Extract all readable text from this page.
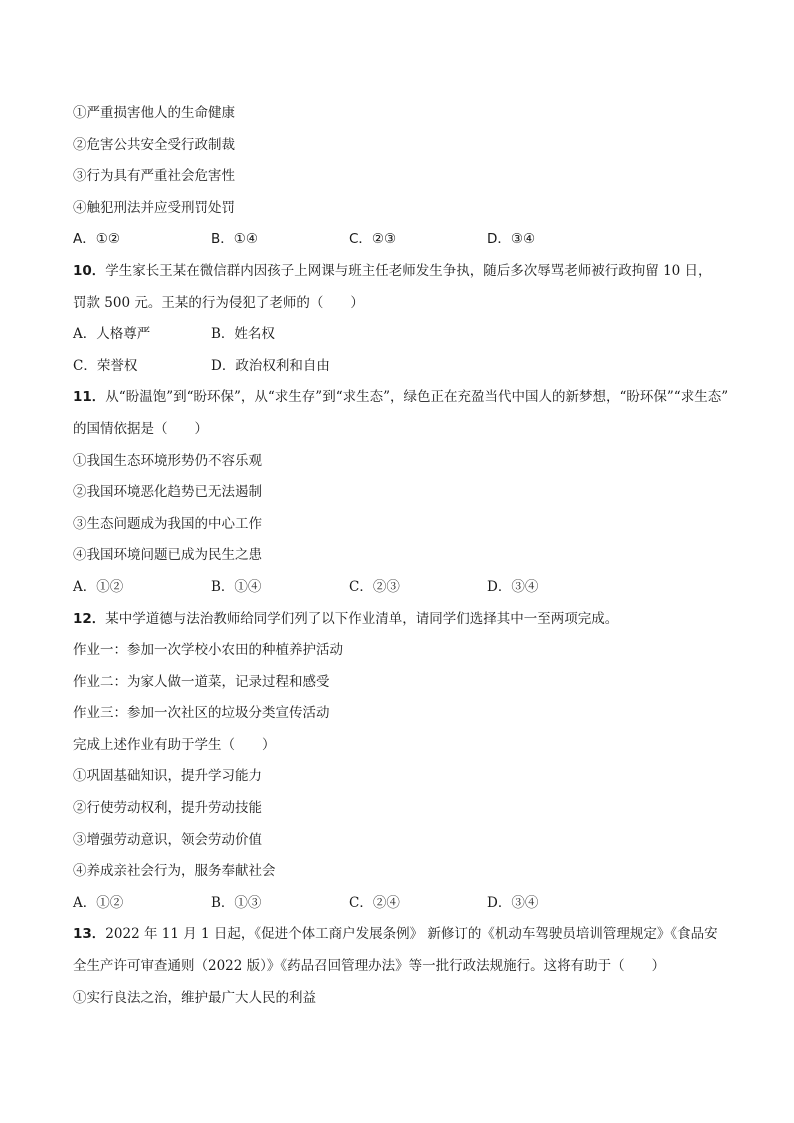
①严重损害他人的生命健康
②危害公共安全受行政制裁
③行为具有严重社会危害性
④触犯刑法并应受刑罚处罚
A．①②	B．①④	C．②③	D．③④
10．学生家长王某在微信群内因孩子上网课与班主任老师发生争执，随后多次辱骂老师被行政拘留 10 日，
罚款 500 元。王某的行为侵犯了老师的（　　）
A．人格尊严	B．姓名权
C．荣誉权	D．政治权利和自由
11．从“盼温饱”到“盼环保”，从“求生存”到“求生态”，绿色正在充盈当代中国人的新梦想，“盼环保”“求生态”
的国情依据是（　　）
①我国生态环境形势仍不容乐观
②我国环境恶化趋势已无法遏制
③生态问题成为我国的中心工作
④我国环境问题已成为民生之患
A．①②	B．①④	C．②③	D．③④
12．某中学道德与法治教师给同学们列了以下作业清单，请同学们选择其中一至两项完成。
作业一：参加一次学校小农田的种植养护活动
作业二：为家人做一道菜，记录过程和感受
作业三：参加一次社区的垃圾分类宣传活动
完成上述作业有助于学生（　　）
①巩固基础知识，提升学习能力
②行使劳动权利，提升劳动技能
③增强劳动意识，领会劳动价值
④养成亲社会行为，服务奉献社会
A．①②	B．①③	C．②④	D．③④
13．2022 年 11 月 1 日起，《促进个体工商户发展条例》 新修订的《机动车驾驶员培训管理规定》《食品安
全生产许可审查通则（2022 版）》《药品召回管理办法》等一批行政法规施行。这将有助于（　　）
①实行良法之治，维护最广大人民的利益
